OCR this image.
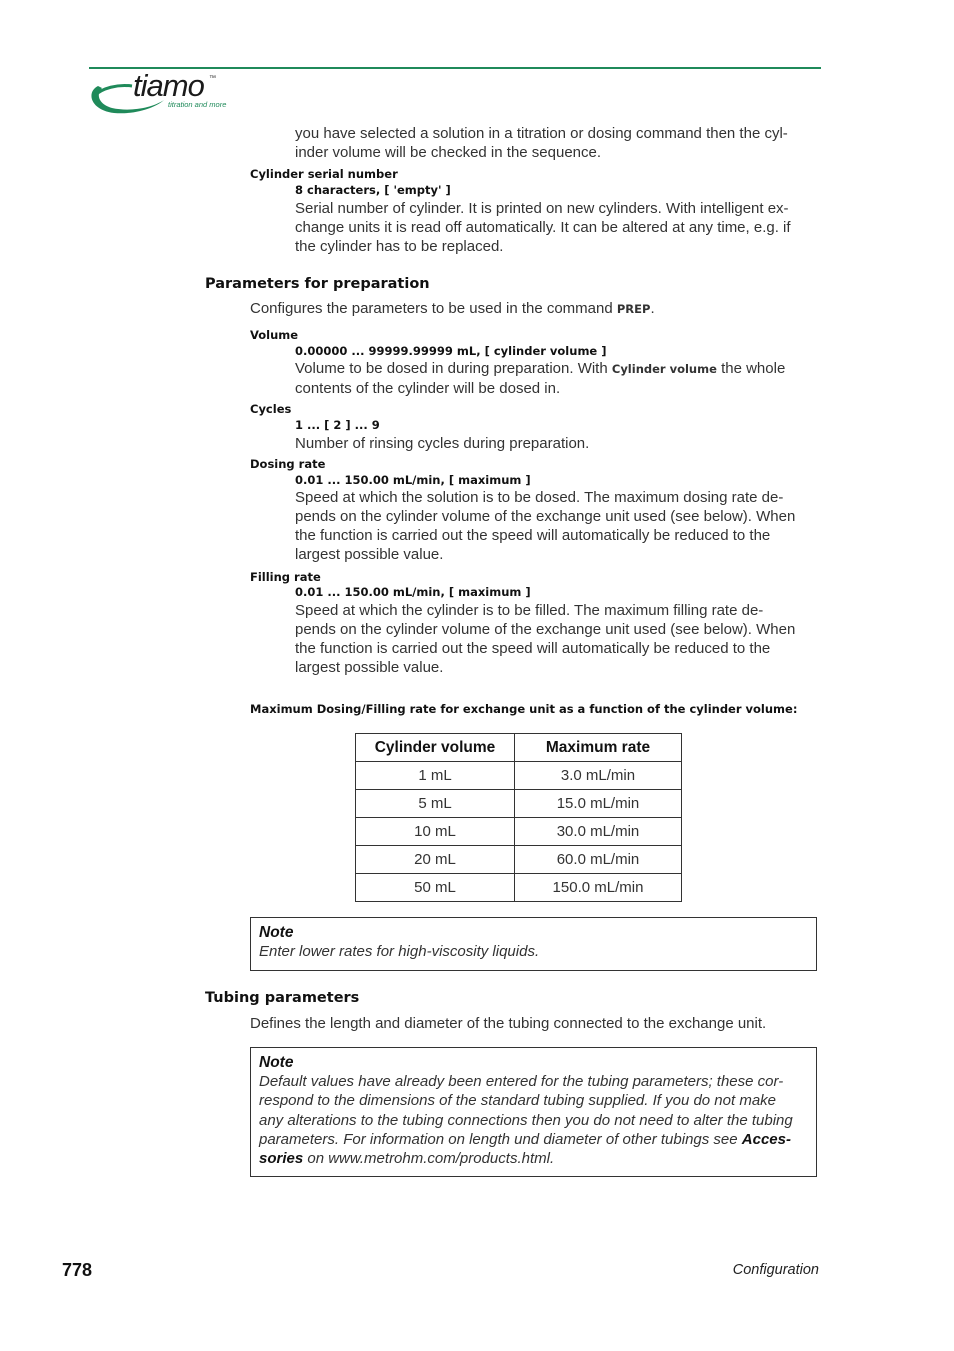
tiamo ™
titration and more
you have selected a solution in a titration or dosing command then the cyl-
inder volume will be checked in the sequence.
Cylinder serial number
8 characters, [ 'empty' ]
Serial number of cylinder. It is printed on new cylinders. With intelligent ex-
change units it is read off automatically. It can be altered at any time, e.g. if
the cylinder has to be replaced.
Parameters for preparation
Configures the parameters to be used in the command PREP.
Volume
0.00000 ... 99999.99999 mL, [ cylinder volume ]
Volume to be dosed in during preparation. With Cylinder volume the whole
contents of the cylinder will be dosed in.
Cycles
1 ... [ 2 ] ... 9
Number of rinsing cycles during preparation.
Dosing rate
0.01 ... 150.00 mL/min, [ maximum ]
Speed at which the solution is to be dosed. The maximum dosing rate de-
pends on the cylinder volume of the exchange unit used (see below). When
the function is carried out the speed will automatically be reduced to the
largest possible value.
Filling rate
0.01 ... 150.00 mL/min, [ maximum ]
Speed at which the cylinder is to be filled. The maximum filling rate de-
pends on the cylinder volume of the exchange unit used (see below). When
the function is carried out the speed will automatically be reduced to the
largest possible value.
Maximum Dosing/Filling rate for exchange unit as a function of the cylinder volume:
Cylinder volume	Maximum rate
1 mL	3.0 mL/min
5 mL	15.0 mL/min
10 mL	30.0 mL/min
20 mL	60.0 mL/min
50 mL	150.0 mL/min
Note
Enter lower rates for high-viscosity liquids.
Tubing parameters
Defines the length and diameter of the tubing connected to the exchange unit.
Note
Default values have already been entered for the tubing parameters; these cor-
respond to the dimensions of the standard tubing supplied. If you do not make
any alterations to the tubing connections then you do not need to alter the tubing
parameters. For information on length und diameter of other tubings see Acces-
sories on www.metrohm.com/products.html.
778	Configuration
